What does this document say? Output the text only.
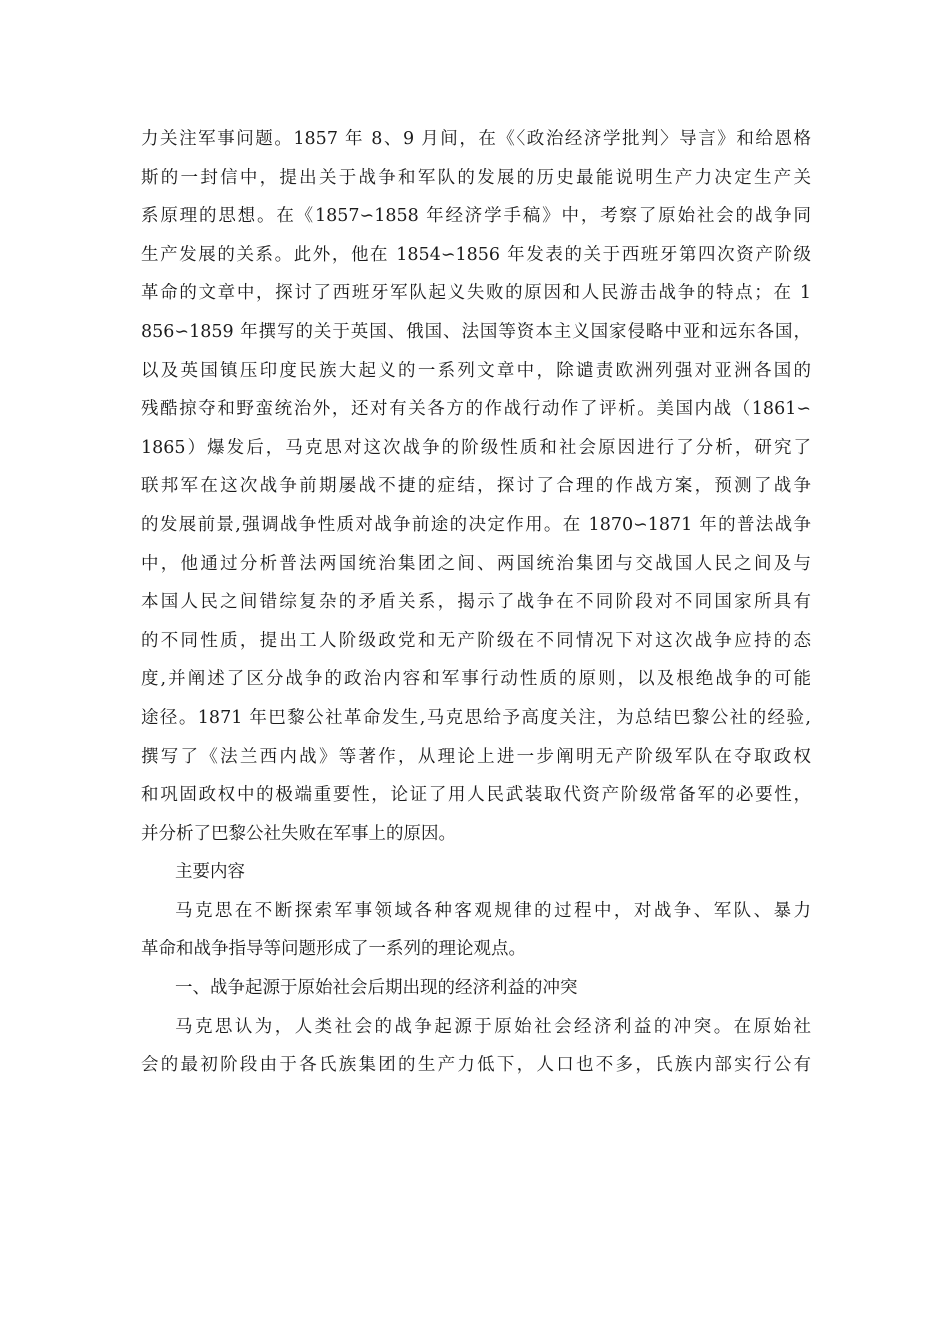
力关注军事问题。1857 年 8、9 月间，在《〈政治经济学批判〉导言》和给恩格
斯的一封信中，提出关于战争和军队的发展的历史最能说明生产力决定生产关
系原理的思想。在《1857∽1858 年经济学手稿》中，考察了原始社会的战争同
生产发展的关系。此外，他在 1854∽1856 年发表的关于西班牙第四次资产阶级
革命的文章中，探讨了西班牙军队起义失败的原因和人民游击战争的特点；在 1
856∽1859 年撰写的关于英国、俄国、法国等资本主义国家侵略中亚和远东各国，
以及英国镇压印度民族大起义的一系列文章中，除谴责欧洲列强对亚洲各国的
残酷掠夺和野蛮统治外，还对有关各方的作战行动作了评析。美国内战（1861∽
1865）爆发后，马克思对这次战争的阶级性质和社会原因进行了分析，研究了
联邦军在这次战争前期屡战不捷的症结，探讨了合理的作战方案，预测了战争
的发展前景,强调战争性质对战争前途的决定作用。在 1870∽1871 年的普法战争
中，他通过分析普法两国统治集团之间、两国统治集团与交战国人民之间及与
本国人民之间错综复杂的矛盾关系，揭示了战争在不同阶段对不同国家所具有
的不同性质，提出工人阶级政党和无产阶级在不同情况下对这次战争应持的态
度,并阐述了区分战争的政治内容和军事行动性质的原则，以及根绝战争的可能
途径。1871 年巴黎公社革命发生,马克思给予高度关注，为总结巴黎公社的经验,
撰写了《法兰西内战》等著作，从理论上进一步阐明无产阶级军队在夺取政权
和巩固政权中的极端重要性，论证了用人民武装取代资产阶级常备军的必要性，
并分析了巴黎公社失败在军事上的原因。
主要内容
马克思在不断探索军事领域各种客观规律的过程中，对战争、军队、暴力
革命和战争指导等问题形成了一系列的理论观点。
一、战争起源于原始社会后期出现的经济利益的冲突
马克思认为，人类社会的战争起源于原始社会经济利益的冲突。在原始社
会的最初阶段由于各氏族集团的生产力低下，人口也不多，氏族内部实行公有
